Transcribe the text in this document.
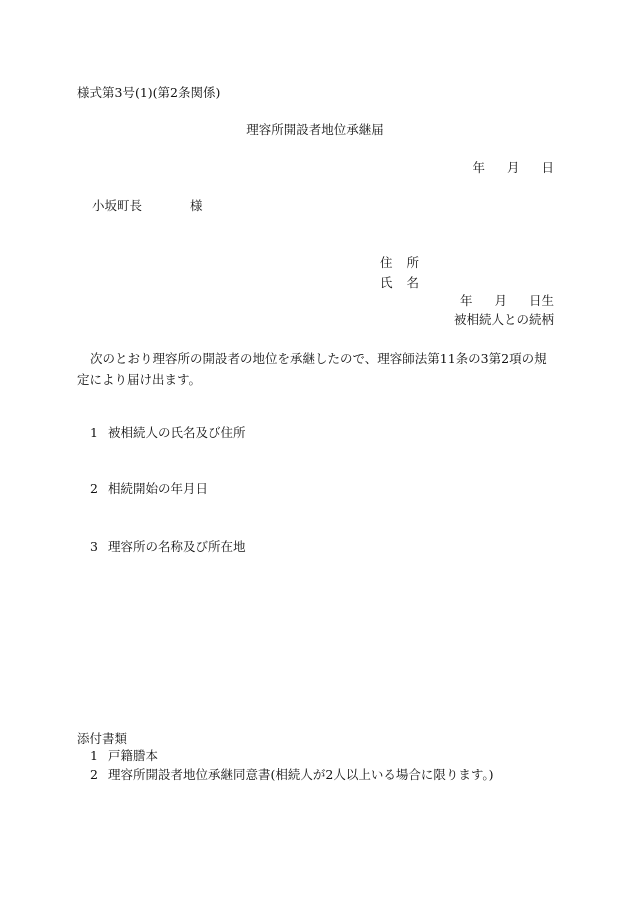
様式第3号(1)(第2条関係)
理容所開設者地位承継届
年 月 日
小坂町長	様
住 所
氏 名
年 月 日生
被相続人との続柄
次のとおり理容所の開設者の地位を承継したので、理容師法第11条の3第2項の規定により届け出ます。
1 被相続人の氏名及び住所
2 相続開始の年月日
3 理容所の名称及び所在地
添付書類
1 戸籍謄本
2 理容所開設者地位承継同意書(相続人が2人以上いる場合に限ります。)
